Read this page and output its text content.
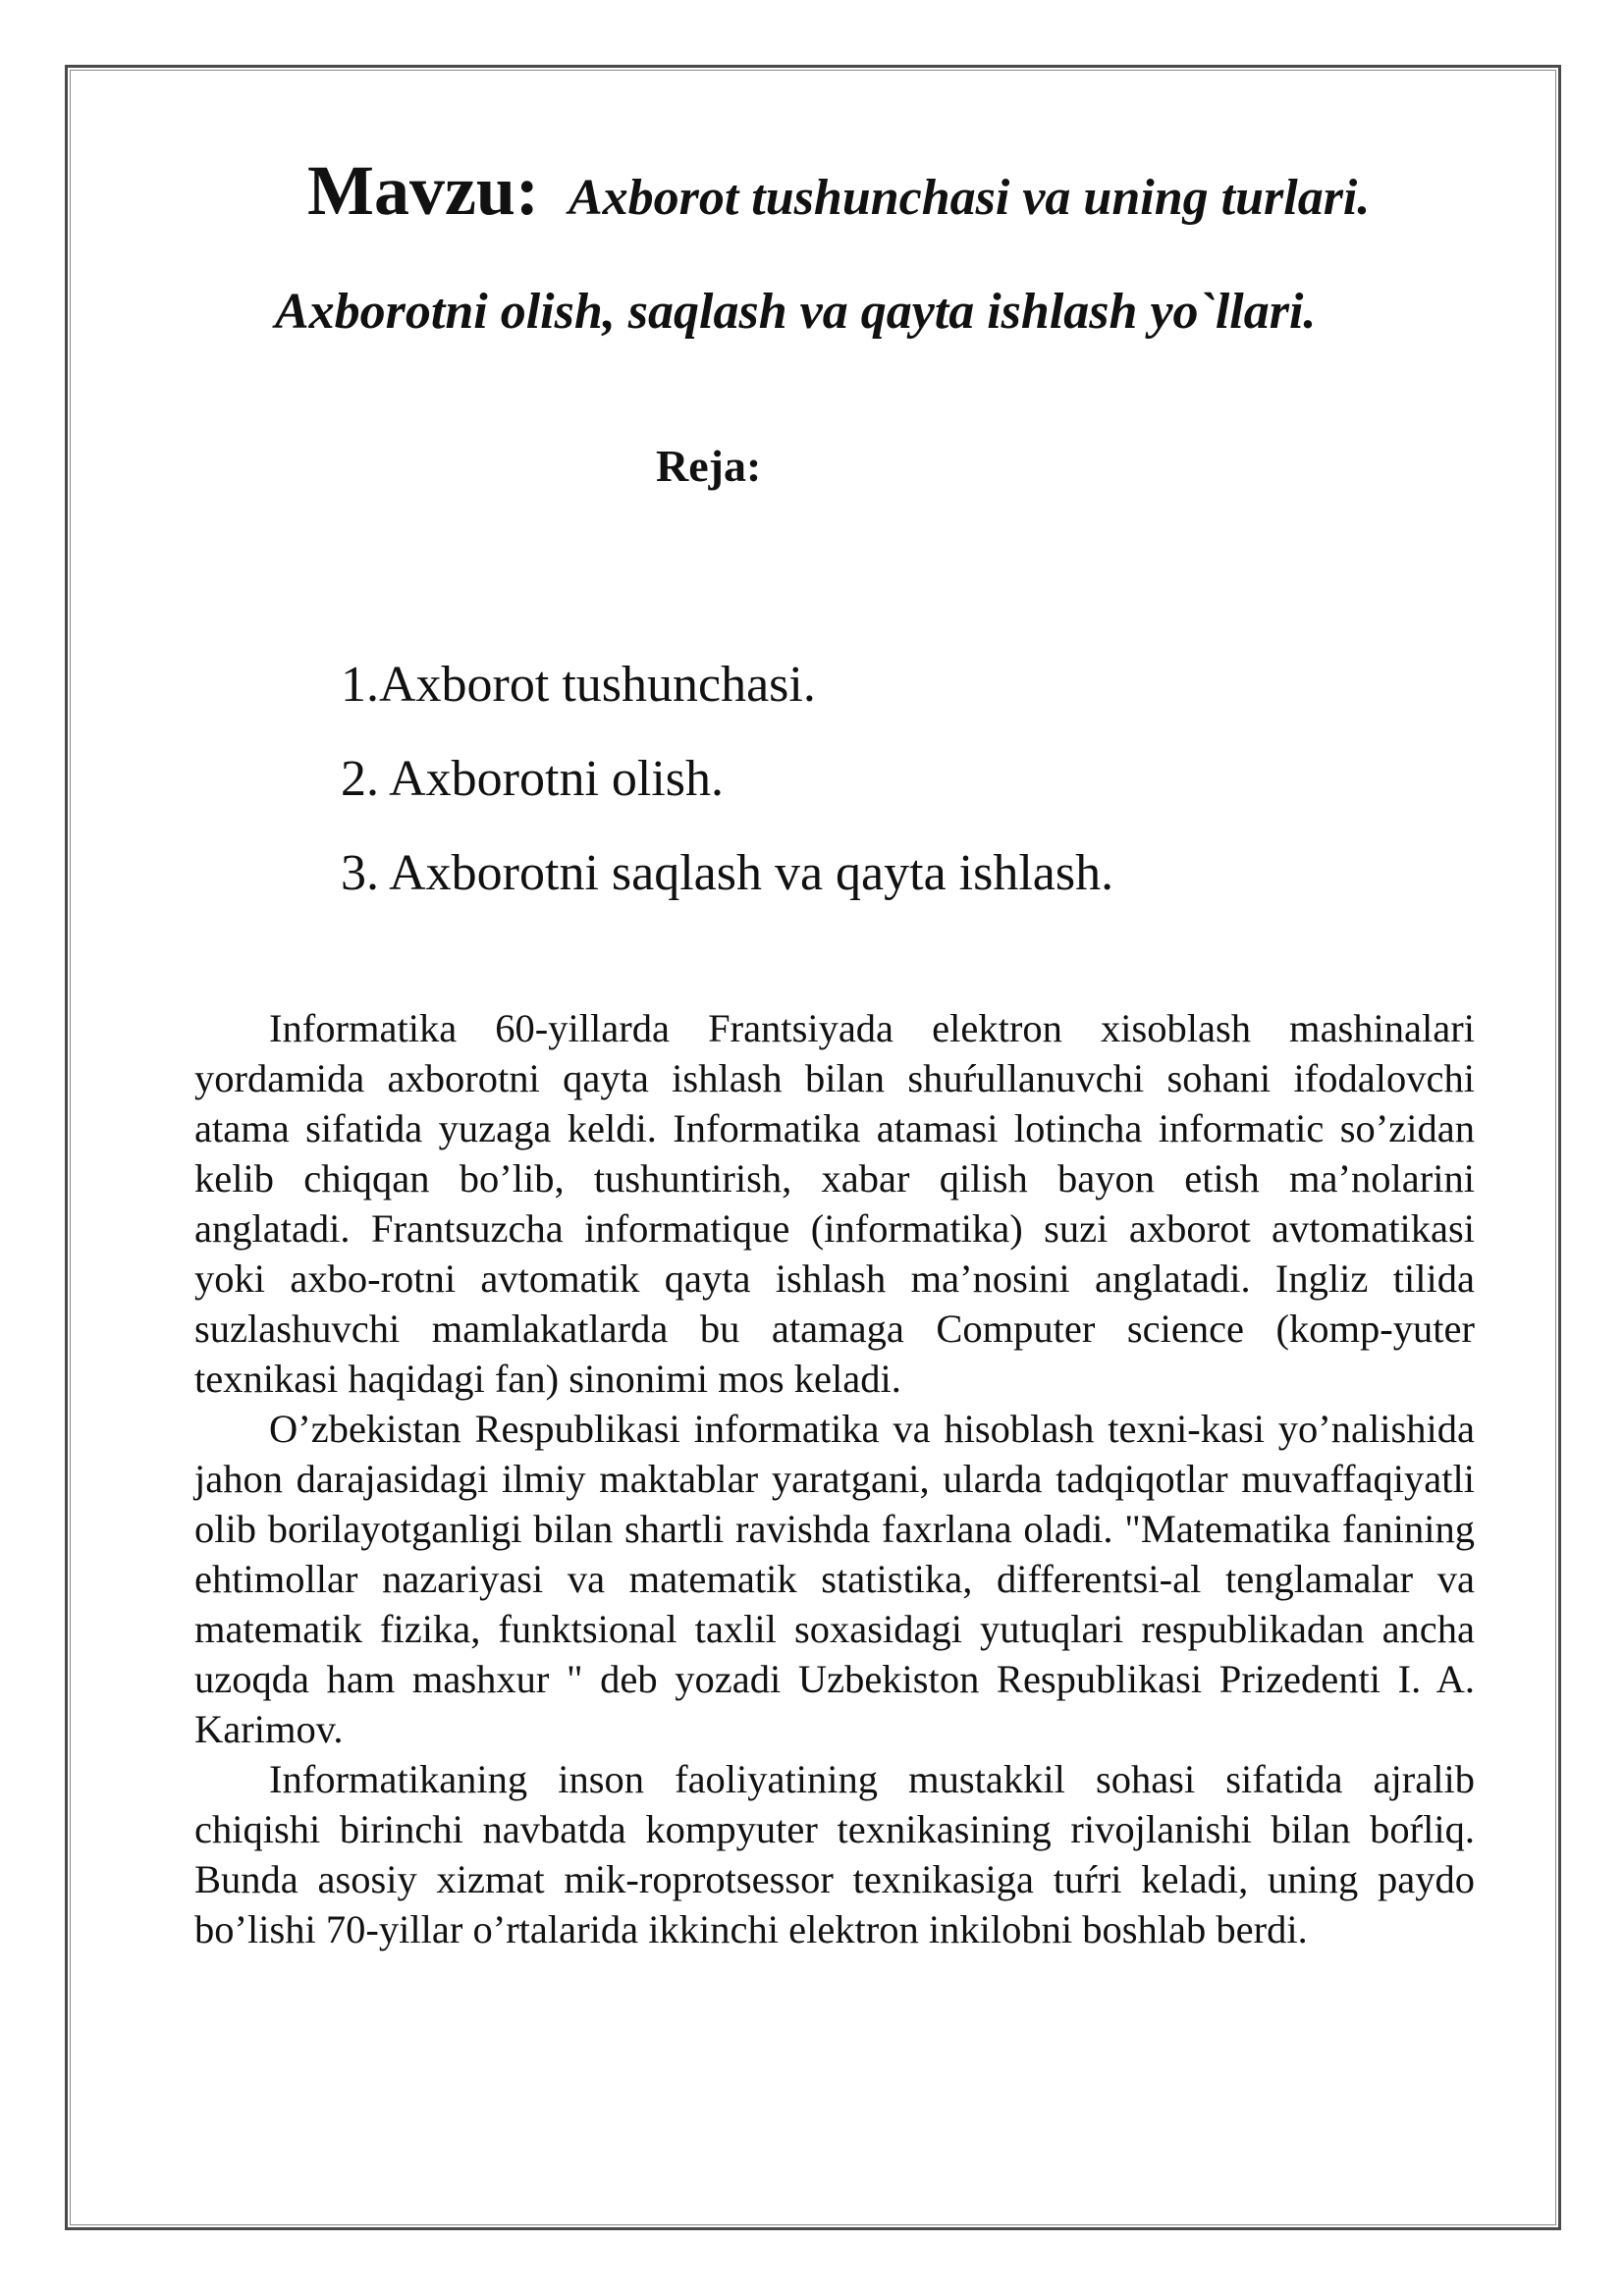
Mavzu: Axborot tushunchasi va uning turlari.
Axborotni olish, saqlash va qayta ishlash yo`llari.
Reja:
1.Axborot tushunchasi.
2. Axborotni olish.
3. Axborotni saqlash va qayta ishlash.

Informatika 60-yillarda Frantsiyada elektron xisoblash mashinalari yordamida axborotni qayta ishlash bilan shuŕullanuvchi sohani ifodalovchi atama sifatida yuzaga keldi. Informatika atamasi lotincha informatic so’zidan kelib chiqqan bo’lib, tushuntirish, xabar qilish bayon etish ma’nolarini anglatadi. Frantsuzcha informatique (informatika) suzi axborot avtomatikasi yoki axbo-rotni avtomatik qayta ishlash ma’nosini anglatadi. Ingliz tilida suzlashuvchi mamlakatlarda bu atamaga Computer science (komp-yuter texnikasi haqidagi fan) sinonimi mos keladi.

O’zbekistan Respublikasi informatika va hisoblash texni-kasi yo’nalishida jahon darajasidagi ilmiy maktablar yaratgani, ularda tadqiqotlar muvaffaqiyatli olib borilayotganligi bilan shartli ravishda faxrlana oladi. "Matematika fanining ehtimollar nazariyasi va matematik statistika, differentsi-al tenglamalar va matematik fizika, funktsional taxlil soxasidagi yutuqlari respublikadan ancha uzoqda ham mashxur " deb yozadi Uzbekiston Respublikasi Prizedenti I. A. Karimov.

Informatikaning inson faoliyatining mustakkil sohasi sifatida ajralib chiqishi birinchi navbatda kompyuter texnikasining rivojlanishi bilan boŕliq. Bunda asosiy xizmat mik-roprotsessor texnikasiga tuŕri keladi, uning paydo bo’lishi 70-yillar o’rtalarida ikkinchi elektron inkilobni boshlab berdi.
